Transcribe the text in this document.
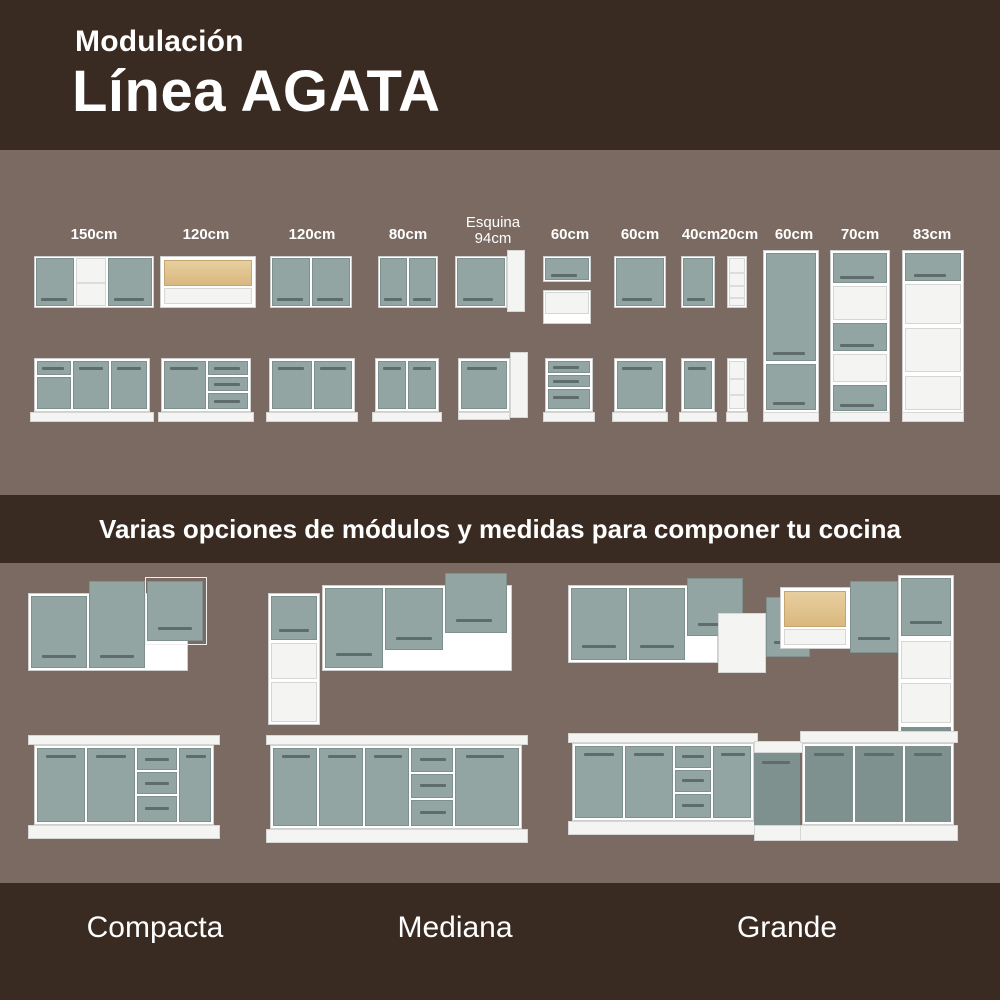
Modulación
Línea AGATA
150cm	120cm	120cm	80cm
Esquina
94cm	60cm	60cm	40cm 20cm	60cm	70cm	83cm
Varias opciones de módulos y medidas para componer tu cocina
Compacta	Mediana	Grande
